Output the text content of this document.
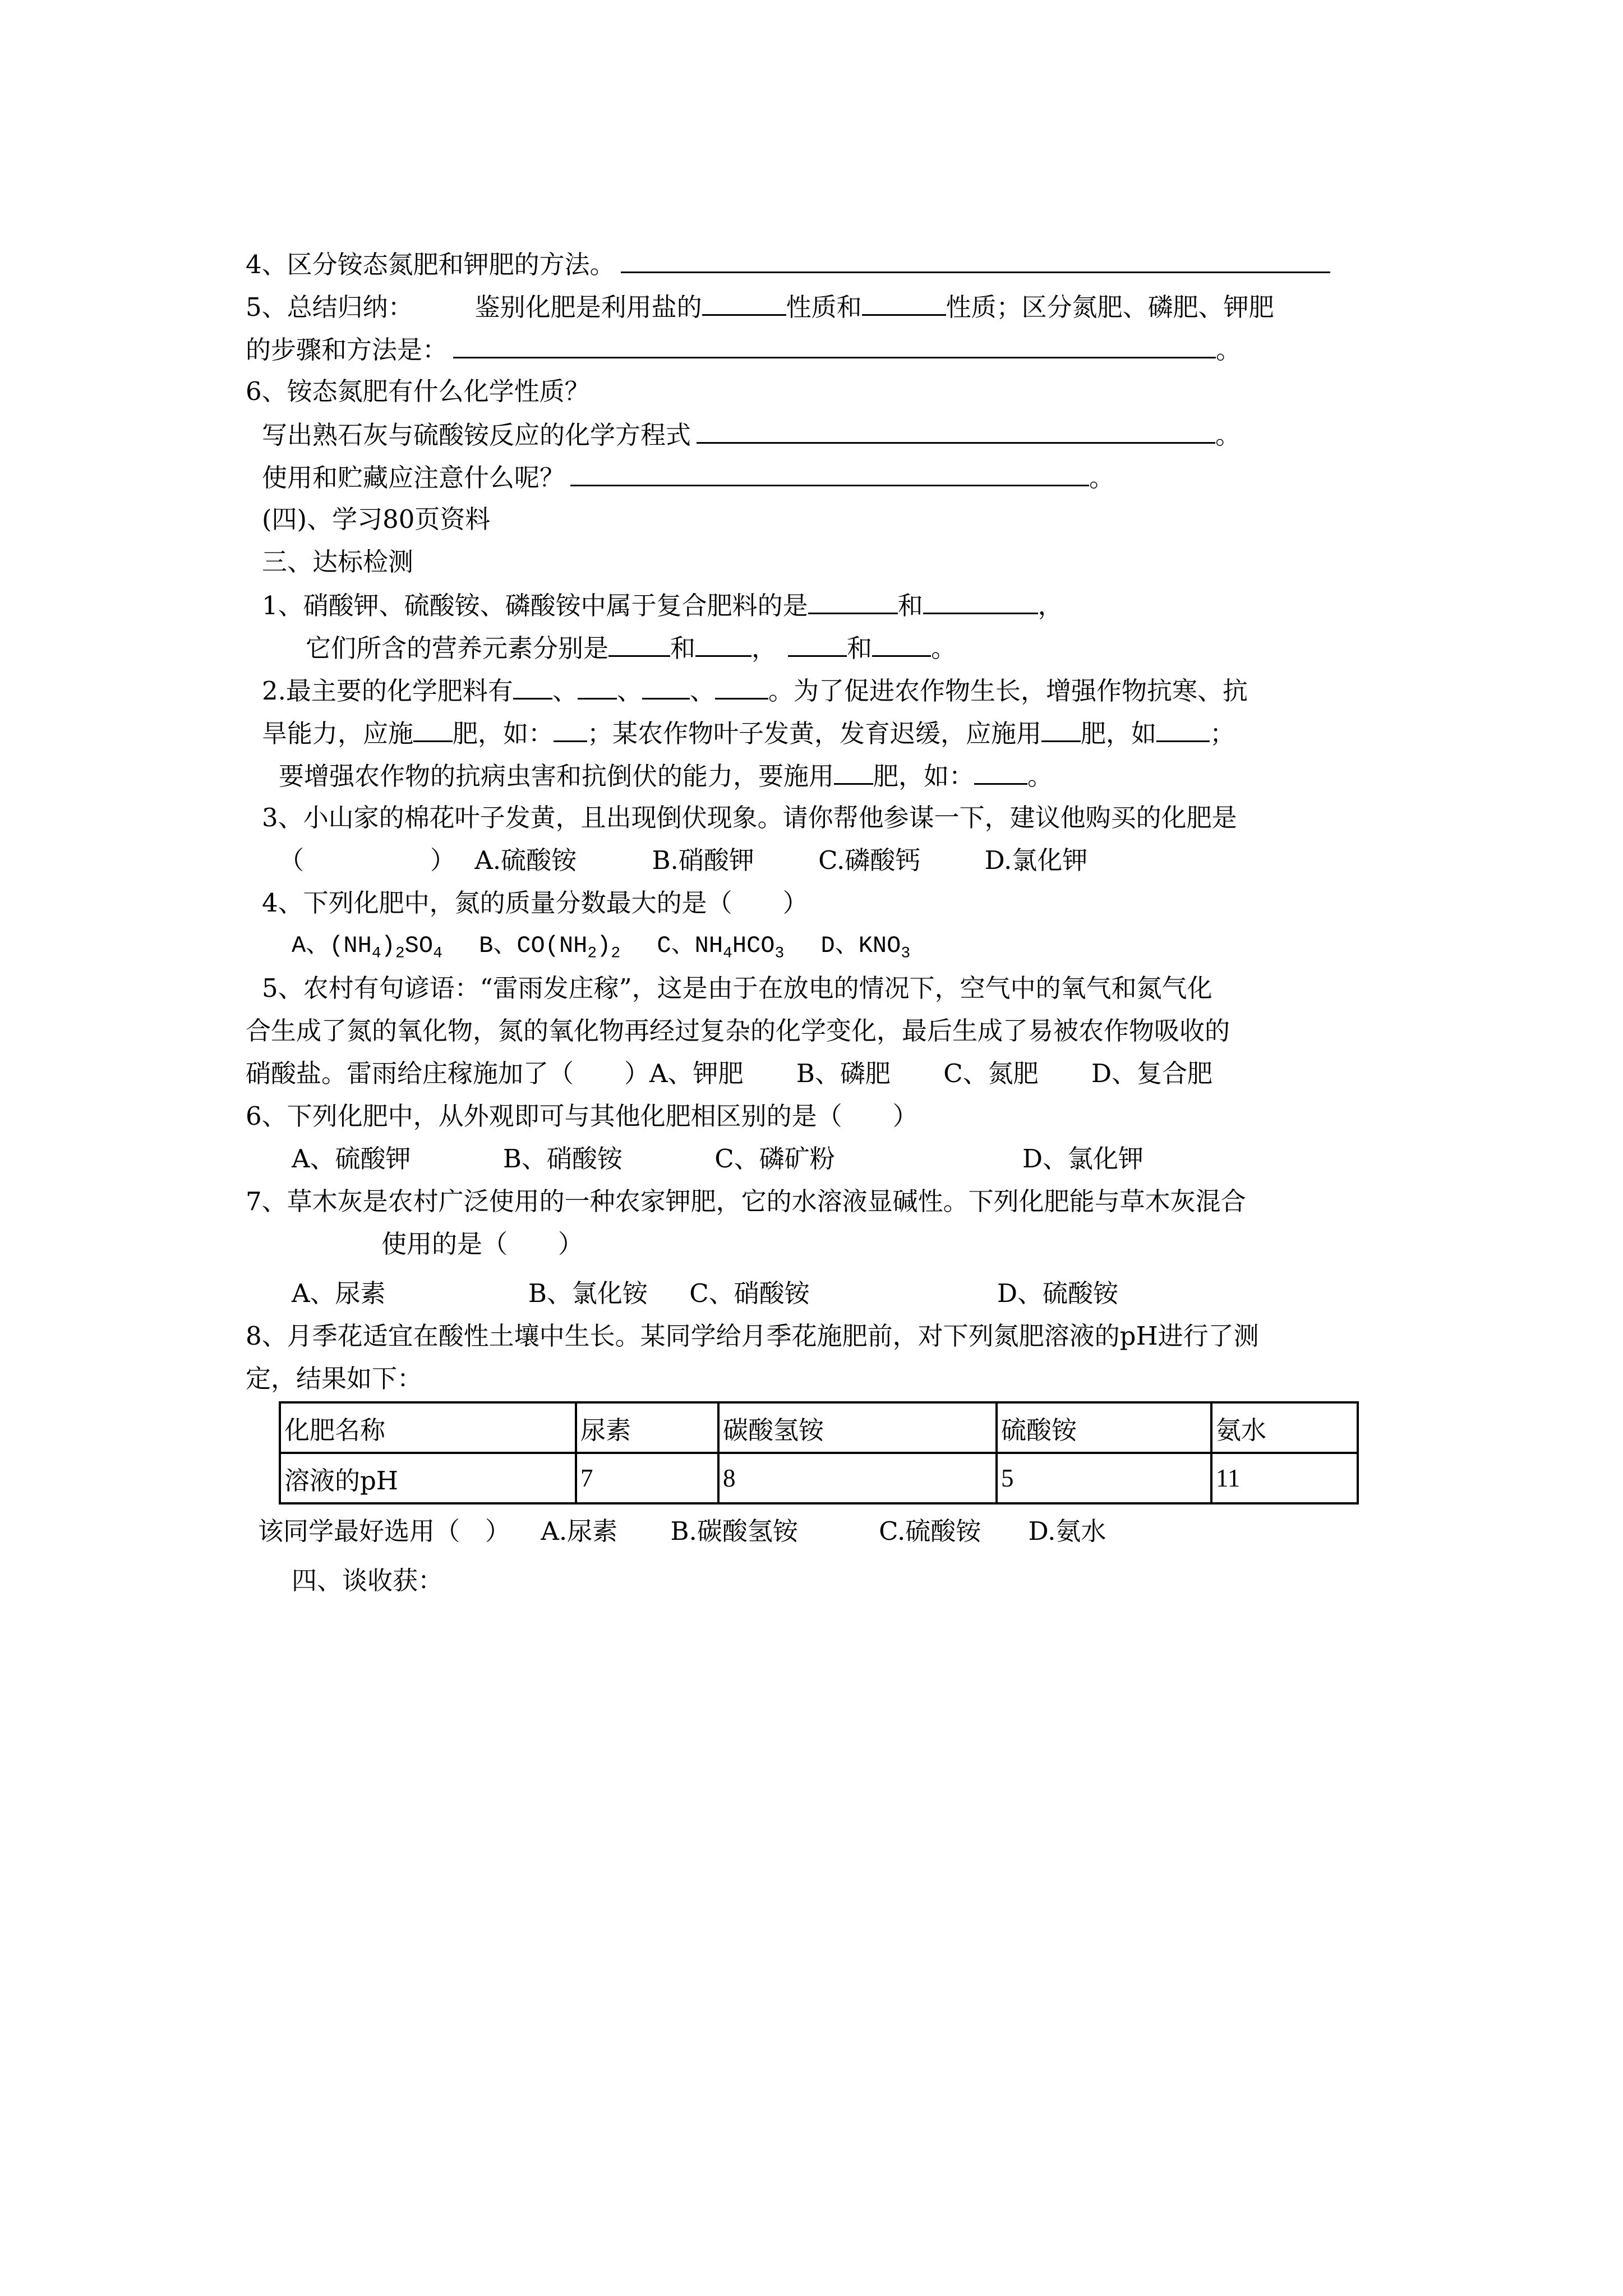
4、区分铵态氮肥和钾肥的方法。
5、总结归纳： 鉴别化肥是利用盐的	性质和	性质；区分氮肥、磷肥、钾肥
的步骤和方法是：	。
6、铵态氮肥有什么化学性质？
写出熟石灰与硫酸铵反应的化学方程式	。
使用和贮藏应注意什么呢？	。
(四)、学习80页资料
三、达标检测
1、硝酸钾、硫酸铵、磷酸铵中属于复合肥料的是	和	，
它们所含的营养元素分别是 和 ，	和 。
2.最主要的化学肥料有 、 、 、 。为了促进农作物生长，增强作物抗寒、抗
旱能力，应施 肥，如： ；某农作物叶子发黄，发育迟缓，应施用 肥，如 ；
要增强农作物的抗病虫害和抗倒伏的能力，要施用 肥，如： 。
3、小山家的棉花叶子发黄，且出现倒伏现象。请你帮他参谋一下，建议他购买的化肥是
（　　　　　） A.硫酸铵	B.硝酸钾	C.磷酸钙	D.氯化钾
4、下列化肥中，氮的质量分数最大的是（　　）
A、$(NH_4)_2SO_4$ B、$CO(NH_2)_2$ C、$NH_4HCO_3$ D、$KNO_3$
5、农村有句谚语：“雷雨发庄稼”，这是由于在放电的情况下，空气中的氧气和氮气化
合生成了氮的氧化物，氮的氧化物再经过复杂的化学变化，最后生成了易被农作物吸收的
硝酸盐。雷雨给庄稼施加了（　　）A、钾肥 B、磷肥 C、氮肥 D、复合肥
6、下列化肥中，从外观即可与其他化肥相区别的是（　　）
A、硫酸钾	B、硝酸铵	C、磷矿粉	D、氯化钾
7、草木灰是农村广泛使用的一种农家钾肥，它的水溶液显碱性。下列化肥能与草木灰混合
使用的是（　　）
A、尿素	B、氯化铵 C、硝酸铵	D、硫酸铵
8、月季花适宜在酸性土壤中生长。某同学给月季花施肥前，对下列氮肥溶液的pH进行了测
定，结果如下：
化肥名称	尿素	碳酸氢铵	硫酸铵	氨水
溶液的pH	7	8	5	11
该同学最好选用（　） A.尿素 B.碳酸氢铵	C.硫酸铵 D.氨水
四、谈收获：
